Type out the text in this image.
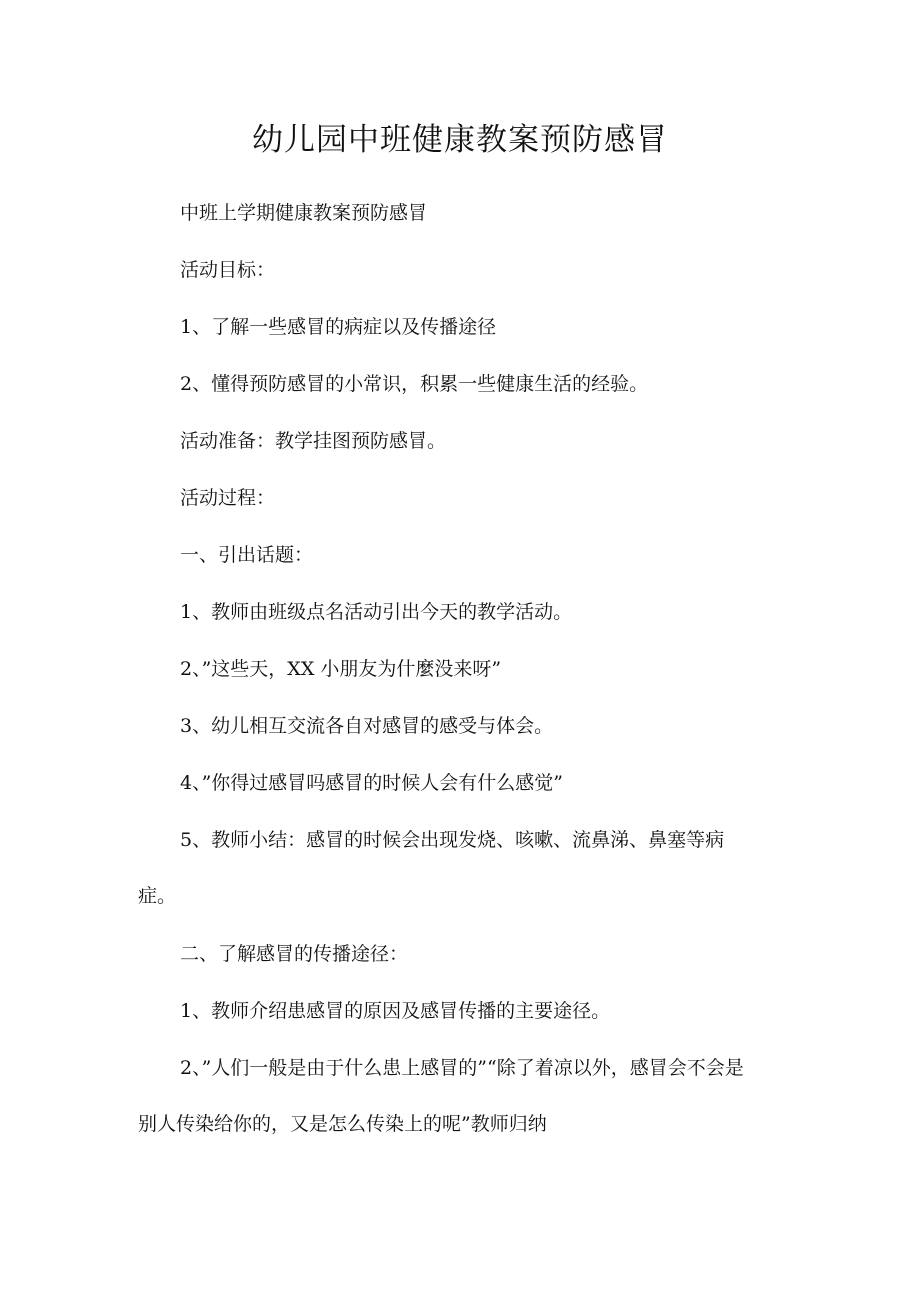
幼儿园中班健康教案预防感冒

中班上学期健康教案预防感冒

活动目标：

1、了解一些感冒的病症以及传播途径

2、懂得预防感冒的小常识，积累一些健康生活的经验。

活动准备：教学挂图预防感冒。

活动过程：

一、引出话题：

1、教师由班级点名活动引出今天的教学活动。

2、”这些天，XX 小朋友为什麼没来呀”

3、幼儿相互交流各自对感冒的感受与体会。

4、”你得过感冒吗感冒的时候人会有什么感觉”

5、教师小结：感冒的时候会出现发烧、咳嗽、流鼻涕、鼻塞等病症。

二、了解感冒的传播途径：

1、教师介绍患感冒的原因及感冒传播的主要途径。

2、”人们一般是由于什么患上感冒的”“除了着凉以外，感冒会不会是别人传染给你的，又是怎么传染上的呢”教师归纳
